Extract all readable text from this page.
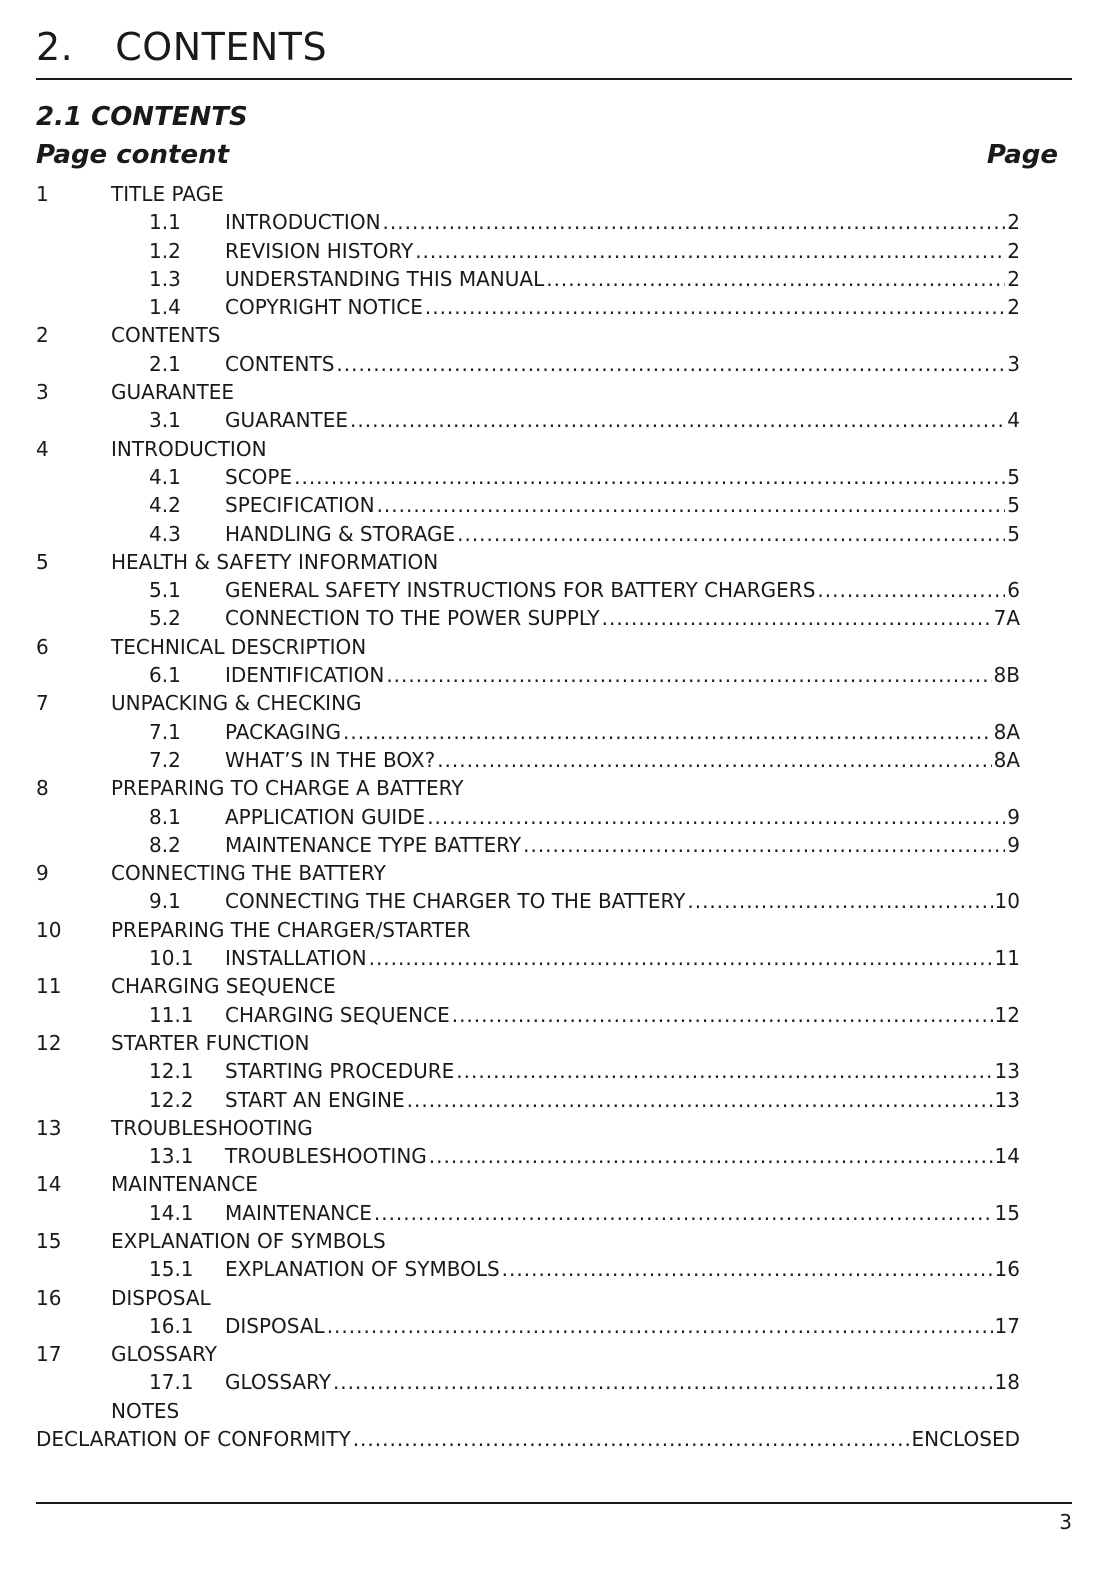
2. CONTENTS
2.1 CONTENTS
Page content	Page
1	TITLE PAGE
1.1	INTRODUCTION .....	2
1.2	REVISION HISTORY .....	2
1.3	UNDERSTANDING THIS MANUAL .....	2
1.4	COPYRIGHT NOTICE .....	2
2	CONTENTS
2.1	CONTENTS .....	3
3	GUARANTEE
3.1	GUARANTEE .....	4
4	INTRODUCTION
4.1	SCOPE .....	5
4.2	SPECIFICATION .....	5
4.3	HANDLING & STORAGE .....	5
5	HEALTH & SAFETY INFORMATION
5.1	GENERAL SAFETY INSTRUCTIONS FOR BATTERY CHARGERS .....	6
5.2	CONNECTION TO THE POWER SUPPLY .....	7A
6	TECHNICAL DESCRIPTION
6.1	IDENTIFICATION .....	8B
7	UNPACKING & CHECKING
7.1	PACKAGING .....	8A
7.2	WHAT’S IN THE BOX? .....	8A
8	PREPARING TO CHARGE A BATTERY
8.1	APPLICATION GUIDE .....	9
8.2	MAINTENANCE TYPE BATTERY .....	9
9	CONNECTING THE BATTERY
9.1	CONNECTING THE CHARGER TO THE BATTERY .....	10
10	PREPARING THE CHARGER/STARTER
10.1	INSTALLATION .....	11
11	CHARGING SEQUENCE
11.1	CHARGING SEQUENCE .....	12
12	STARTER FUNCTION
12.1	STARTING PROCEDURE .....	13
12.2	START AN ENGINE .....	13
13	TROUBLESHOOTING
13.1	TROUBLESHOOTING .....	14
14	MAINTENANCE
14.1	MAINTENANCE .....	15
15	EXPLANATION OF SYMBOLS
15.1	EXPLANATION OF SYMBOLS .....	16
16	DISPOSAL
16.1	DISPOSAL .....	17
17	GLOSSARY
17.1	GLOSSARY .....	18
NOTES
DECLARATION OF CONFORMITY .....	ENCLOSED
3
